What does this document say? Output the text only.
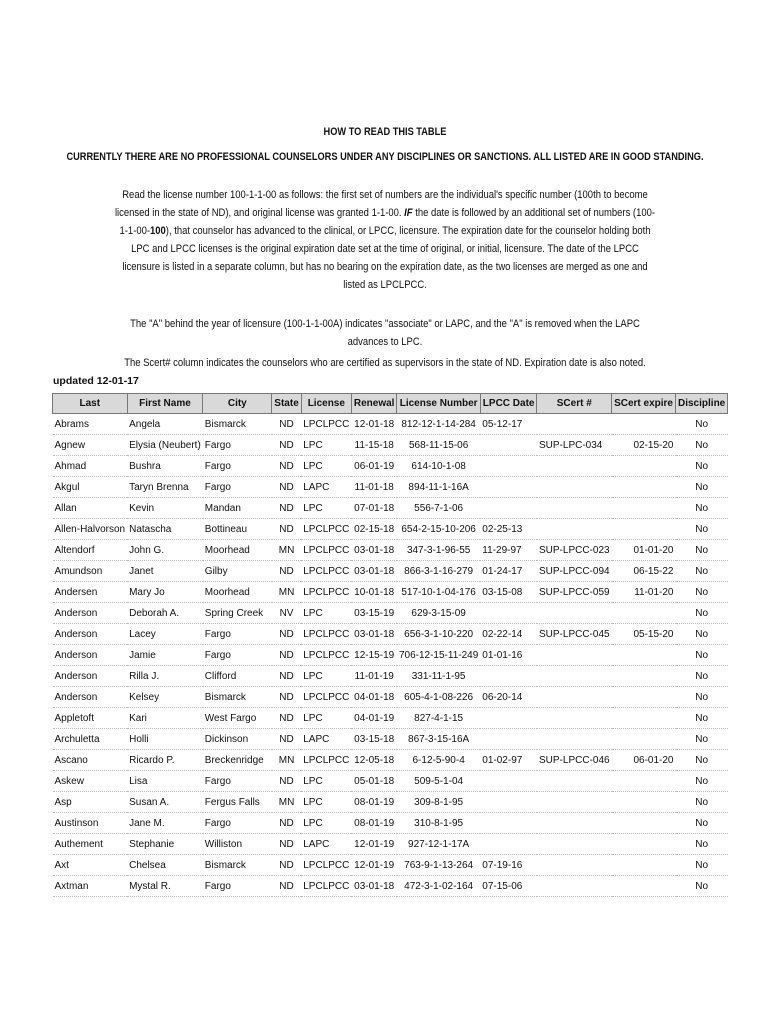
HOW TO READ THIS TABLE
CURRENTLY THERE ARE NO PROFESSIONAL COUNSELORS UNDER ANY DISCIPLINES OR SANCTIONS. ALL LISTED ARE IN GOOD STANDING.
Read the license number 100-1-1-00 as follows: the first set of numbers are the individual's specific number (100th to become licensed in the state of ND), and original license was granted 1-1-00. IF the date is followed by an additional set of numbers (100-1-1-00-100), that counselor has advanced to the clinical, or LPCC, licensure. The expiration date for the counselor holding both LPC and LPCC licenses is the original expiration date set at the time of original, or initial, licensure. The date of the LPCC licensure is listed in a separate column, but has no bearing on the expiration date, as the two licenses are merged as one and listed as LPCLPCC.
The "A" behind the year of licensure (100-1-1-00A) indicates "associate" or LAPC, and the "A" is removed when the LAPC advances to LPC.
The Scert# column indicates the counselors who are certified as supervisors in the state of ND. Expiration date is also noted.
updated 12-01-17
Last	First Name	City	State	License	Renewal	License Number	LPCC Date	SCert #	SCert expire	Discipline
Abrams	Angela	Bismarck	ND	LPCLPCC	12-01-18	812-12-1-14-284	05-12-17			No
Agnew	Elysia (Neubert)	Fargo	ND	LPC	11-15-18	568-11-15-06		SUP-LPC-034	02-15-20	No
Ahmad	Bushra	Fargo	ND	LPC	06-01-19	614-10-1-08				No
Akgul	Taryn Brenna	Fargo	ND	LAPC	11-01-18	894-11-1-16A				No
Allan	Kevin	Mandan	ND	LPC	07-01-18	556-7-1-06				No
Allen-Halvorson	Natascha	Bottineau	ND	LPCLPCC	02-15-18	654-2-15-10-206	02-25-13			No
Altendorf	John G.	Moorhead	MN	LPCLPCC	03-01-18	347-3-1-96-55	11-29-97	SUP-LPCC-023	01-01-20	No
Amundson	Janet	Gilby	ND	LPCLPCC	03-01-18	866-3-1-16-279	01-24-17	SUP-LPCC-094	06-15-22	No
Andersen	Mary Jo	Moorhead	MN	LPCLPCC	10-01-18	517-10-1-04-176	03-15-08	SUP-LPCC-059	11-01-20	No
Anderson	Deborah A.	Spring Creek	NV	LPC	03-15-19	629-3-15-09				No
Anderson	Lacey	Fargo	ND	LPCLPCC	03-01-18	656-3-1-10-220	02-22-14	SUP-LPCC-045	05-15-20	No
Anderson	Jamie	Fargo	ND	LPCLPCC	12-15-19	706-12-15-11-249	01-01-16			No
Anderson	Rilla J.	Clifford	ND	LPC	11-01-19	331-11-1-95				No
Anderson	Kelsey	Bismarck	ND	LPCLPCC	04-01-18	605-4-1-08-226	06-20-14			No
Appletoft	Kari	West Fargo	ND	LPC	04-01-19	827-4-1-15				No
Archuletta	Holli	Dickinson	ND	LAPC	03-15-18	867-3-15-16A				No
Ascano	Ricardo P.	Breckenridge	MN	LPCLPCC	12-05-18	6-12-5-90-4	01-02-97	SUP-LPCC-046	06-01-20	No
Askew	Lisa	Fargo	ND	LPC	05-01-18	509-5-1-04				No
Asp	Susan A.	Fergus Falls	MN	LPC	08-01-19	309-8-1-95				No
Austinson	Jane M.	Fargo	ND	LPC	08-01-19	310-8-1-95				No
Authement	Stephanie	Williston	ND	LAPC	12-01-19	927-12-1-17A				No
Axt	Chelsea	Bismarck	ND	LPCLPCC	12-01-19	763-9-1-13-264	07-19-16			No
Axtman	Mystal R.	Fargo	ND	LPCLPCC	03-01-18	472-3-1-02-164	07-15-06			No
